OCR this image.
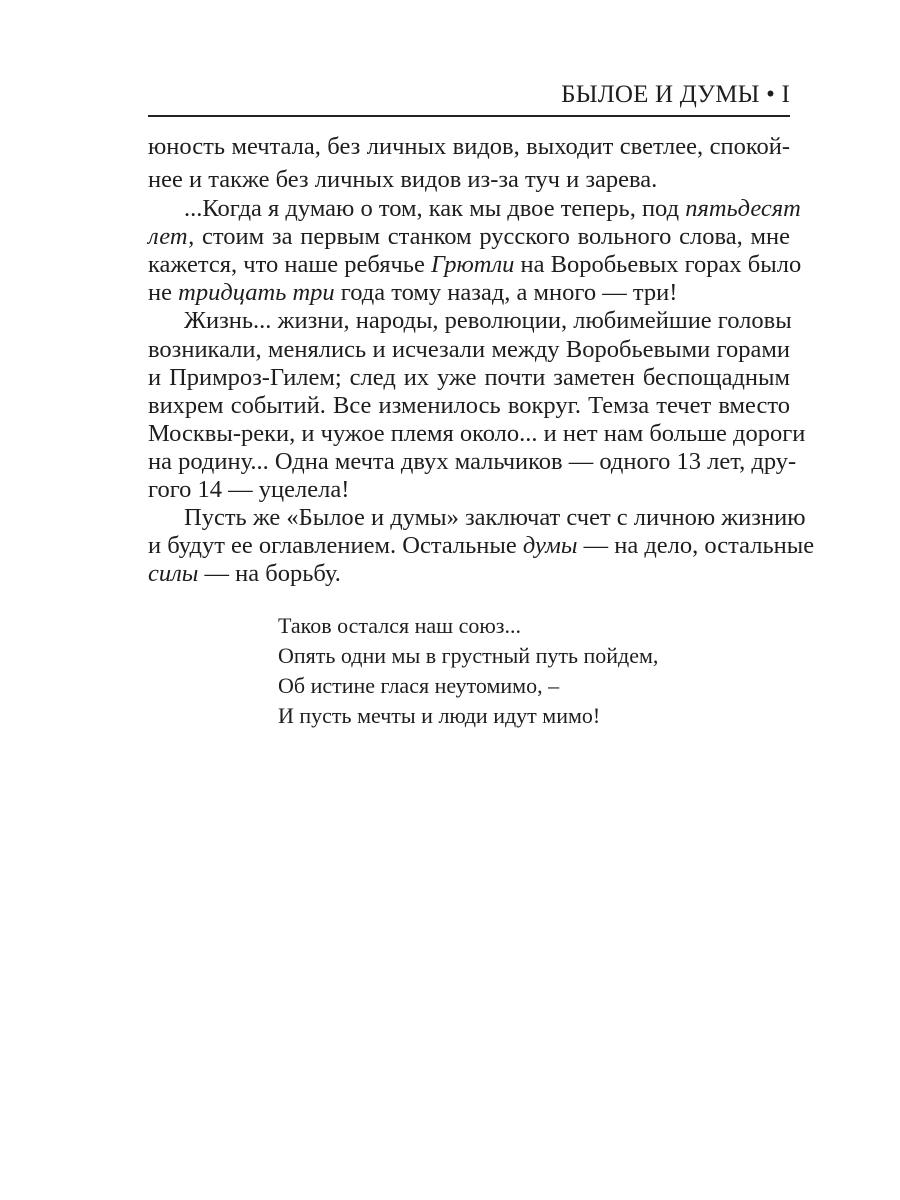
БЫЛОЕ И ДУМЫ • I
юность мечтала, без личных видов, выходит светлее, спокой-
нее и также без личных видов из-за туч и зарева.
...Когда я думаю о том, как мы двое теперь, под пятьдесят
лет, стоим за первым станком русского вольного слова, мне
кажется, что наше ребячье Грютли на Воробьевых горах было
не тридцать три года тому назад, а много — три!
Жизнь... жизни, народы, революции, любимейшие головы
возникали, менялись и исчезали между Воробьевыми горами
и Примроз-Гилем; след их уже почти заметен беспощадным
вихрем событий. Все изменилось вокруг. Темза течет вместо
Москвы-реки, и чужое племя около... и нет нам больше дороги
на родину... Одна мечта двух мальчиков — одного 13 лет, дру-
гого 14 — уцелела!
Пусть же «Былое и думы» заключат счет с личною жизнию
и будут ее оглавлением. Остальные думы — на дело, остальные
силы — на борьбу.
Таков остался наш союз...
Опять одни мы в грустный путь пойдем,
Об истине глася неутомимо, –
И пусть мечты и люди идут мимо!
